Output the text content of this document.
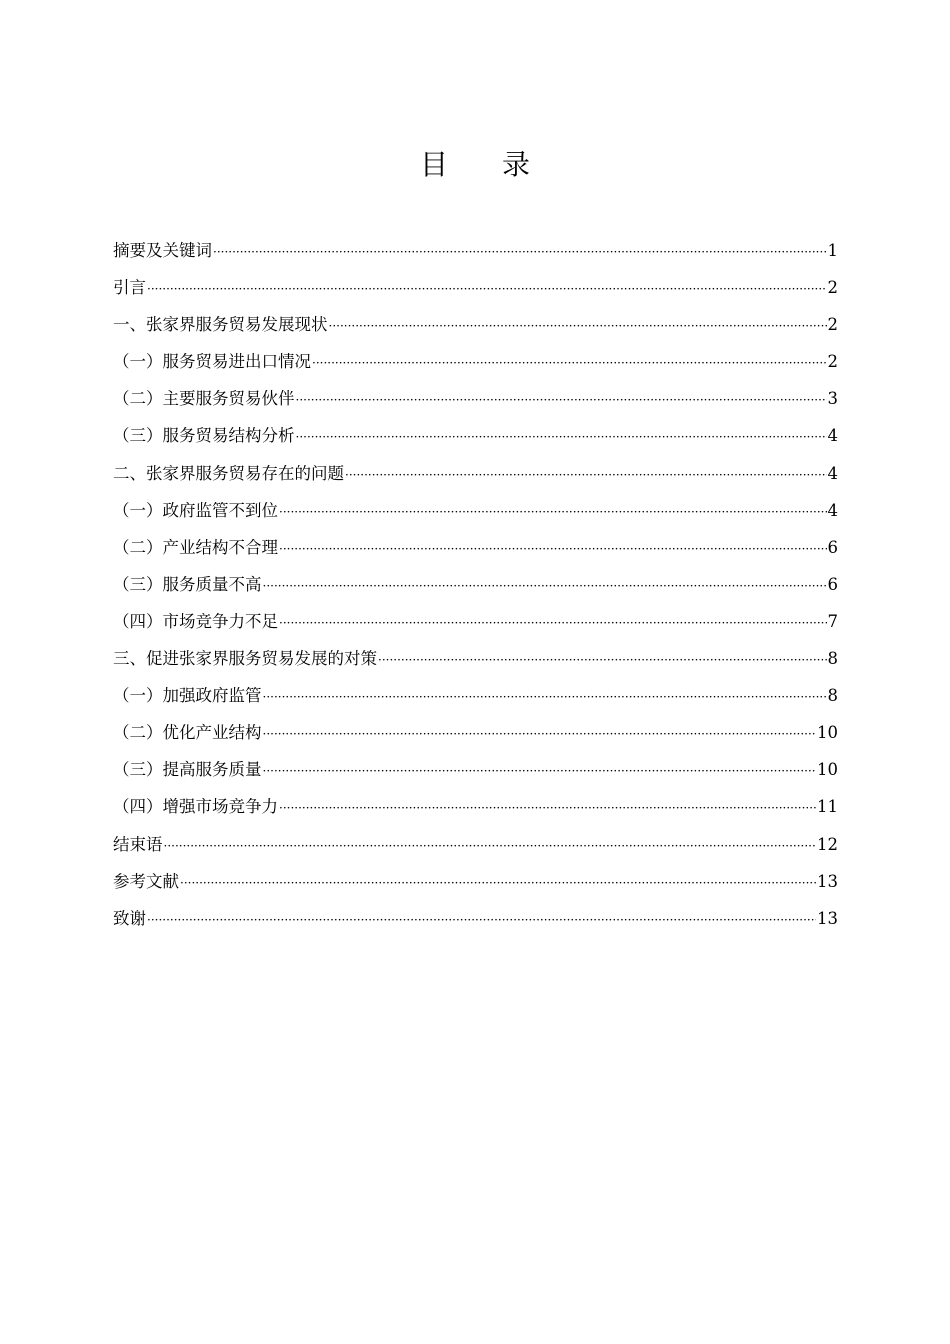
目录
摘要及关键词 ·····	1
引言 ·····	2
一、张家界服务贸易发展现状 ·····	2
（一）服务贸易进出口情况 ·····	2
（二）主要服务贸易伙伴 ·····	3
（三）服务贸易结构分析 ·····	4
二、张家界服务贸易存在的问题 ·····	4
（一）政府监管不到位 ·····	4
（二）产业结构不合理 ·····	6
（三）服务质量不高 ·····	6
（四）市场竞争力不足 ·····	7
三、促进张家界服务贸易发展的对策 ·····	8
（一）加强政府监管 ·····	8
（二）优化产业结构 ·····	10
（三）提高服务质量 ·····	10
（四）增强市场竞争力 ·····	11
结束语 ·····	12
参考文献 ·····	13
致谢 ·····	13
